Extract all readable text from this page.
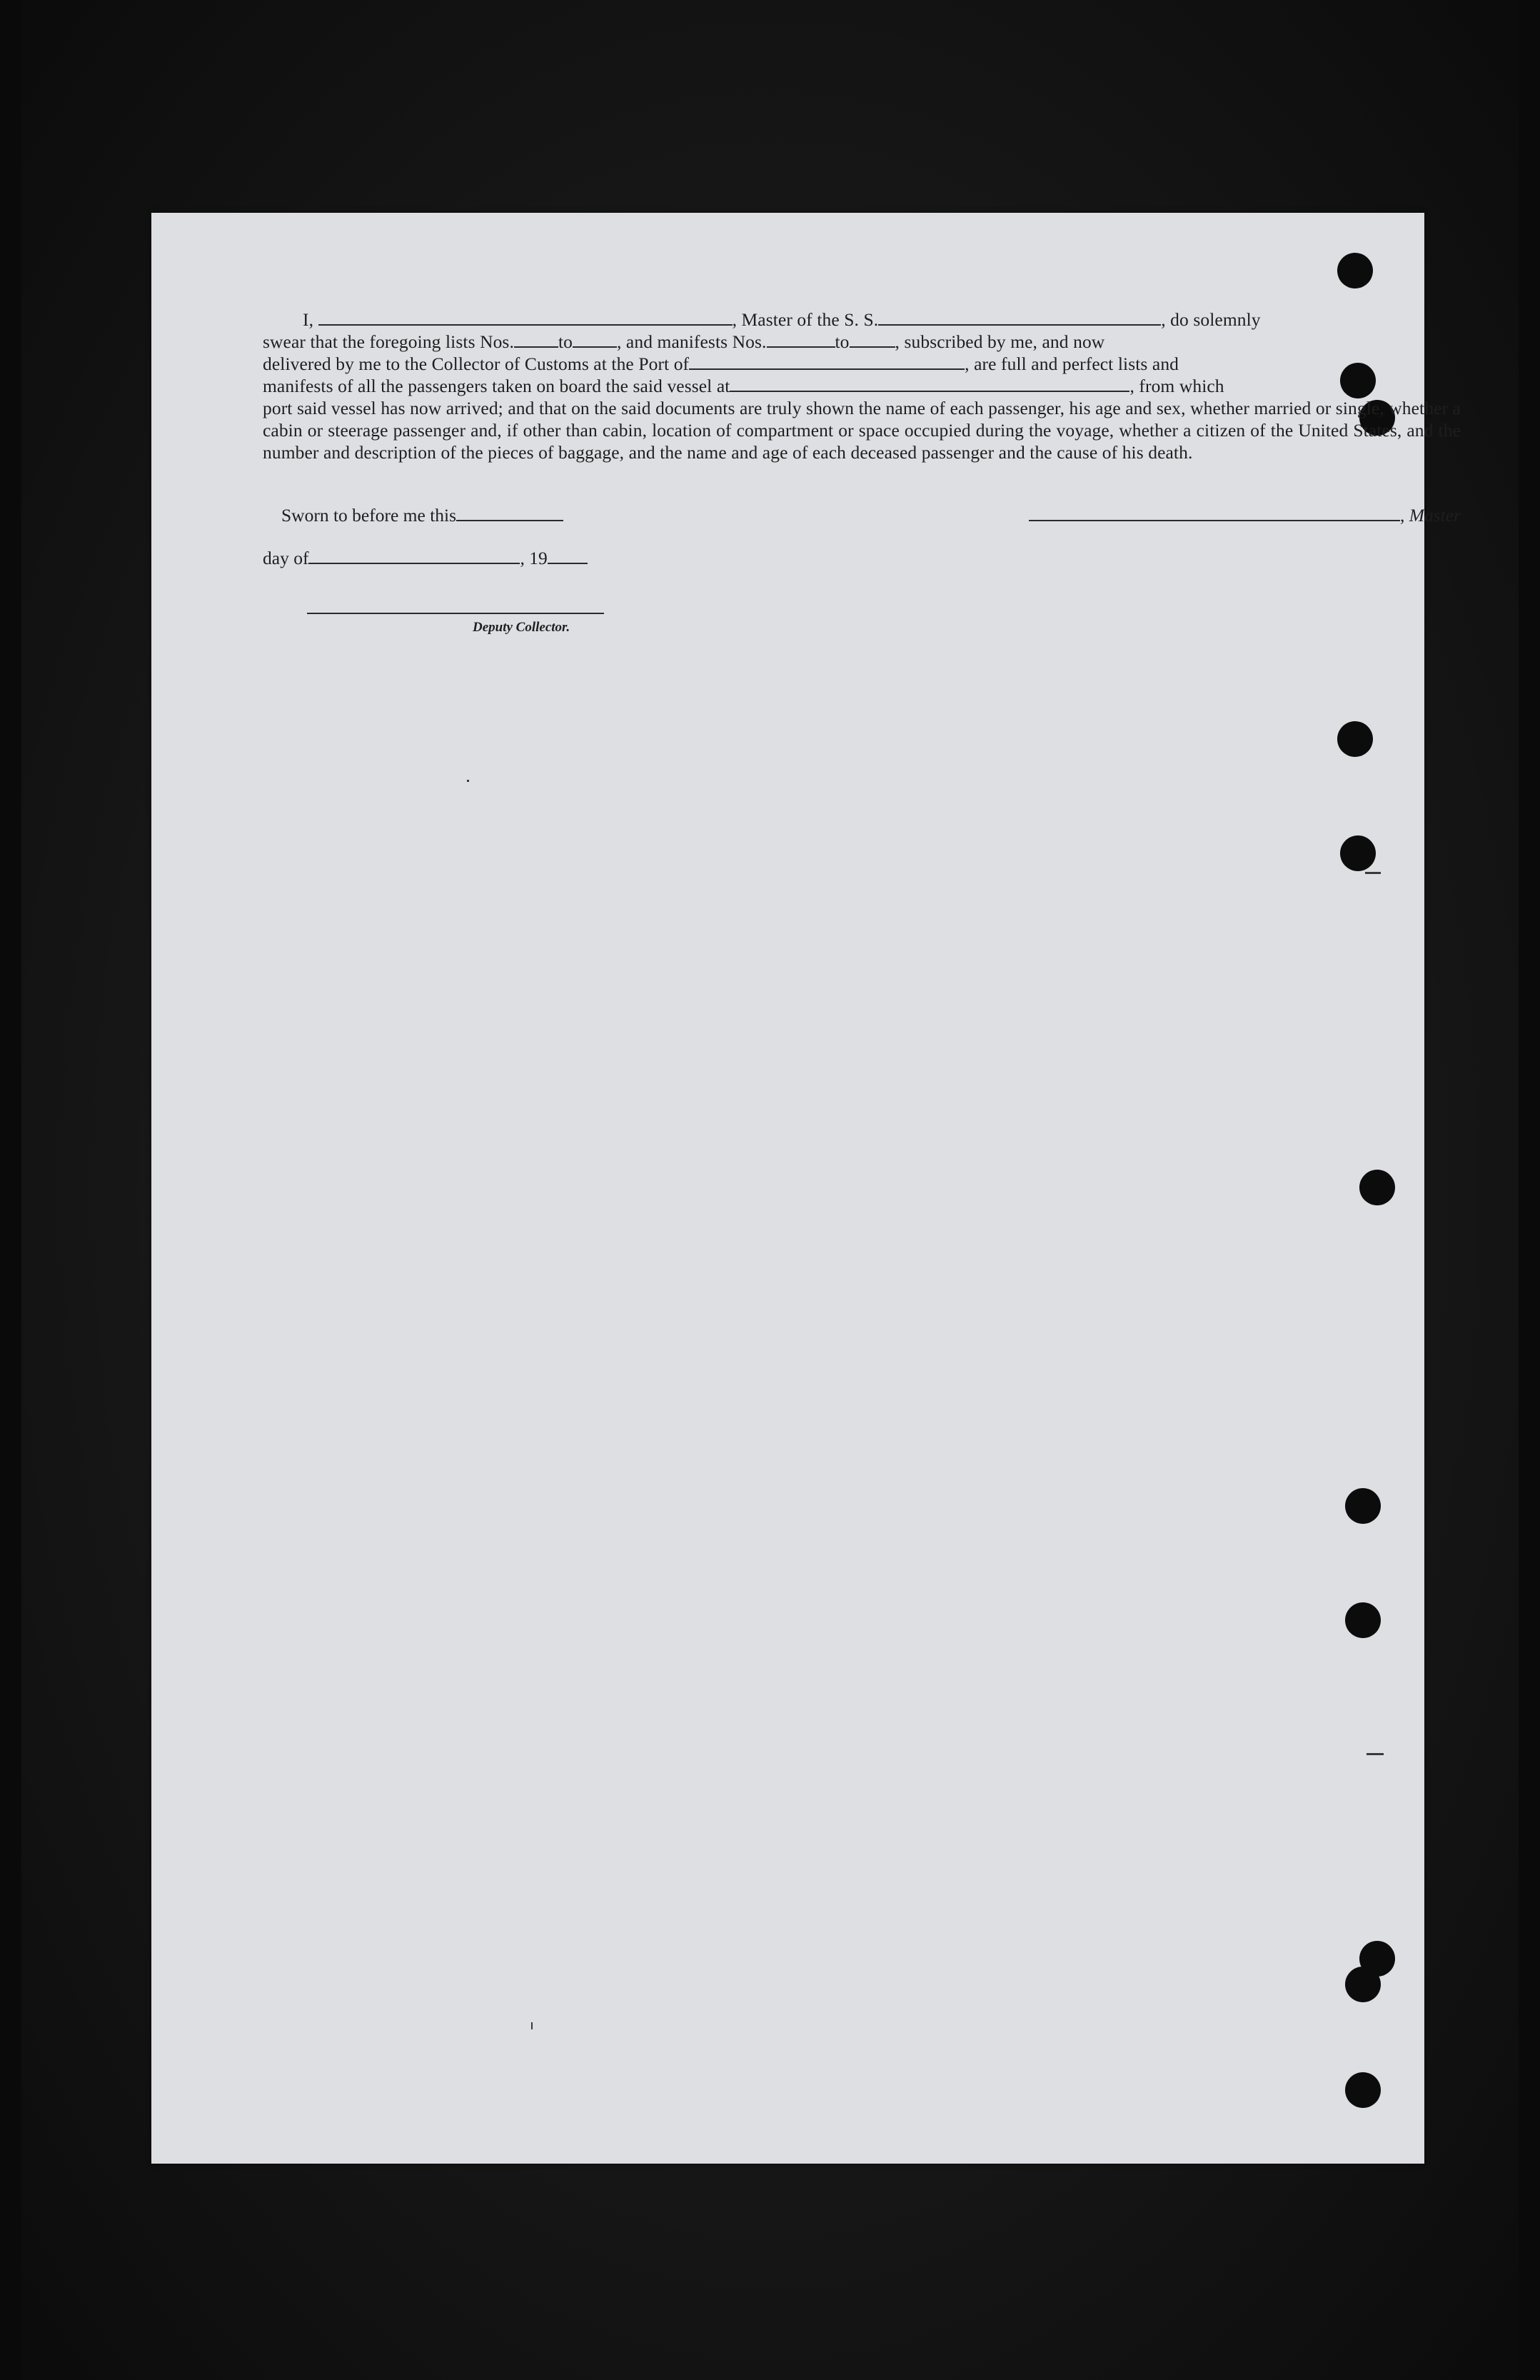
I,	, Master of the S. S.	, do solemnly
swear that the foregoing lists Nos. to , and manifests Nos.	to	, subscribed by me, and now
delivered by me to the Collector of Customs at the Port of	, are full and perfect lists and
manifests of all the passengers taken on board the said vessel at	, from which
port said vessel has now arrived; and that on the said documents are truly shown the name of each passenger, his age and sex, whether married or single, whether a cabin or steerage passenger and, if other than cabin, location of compartment or space occupied during the voyage, whether a citizen of the United States, and the number and description of the pieces of baggage, and the name and age of each deceased passenger and the cause of his death.
Sworn to before me this	, Master
day of	, 19
Deputy Collector.
